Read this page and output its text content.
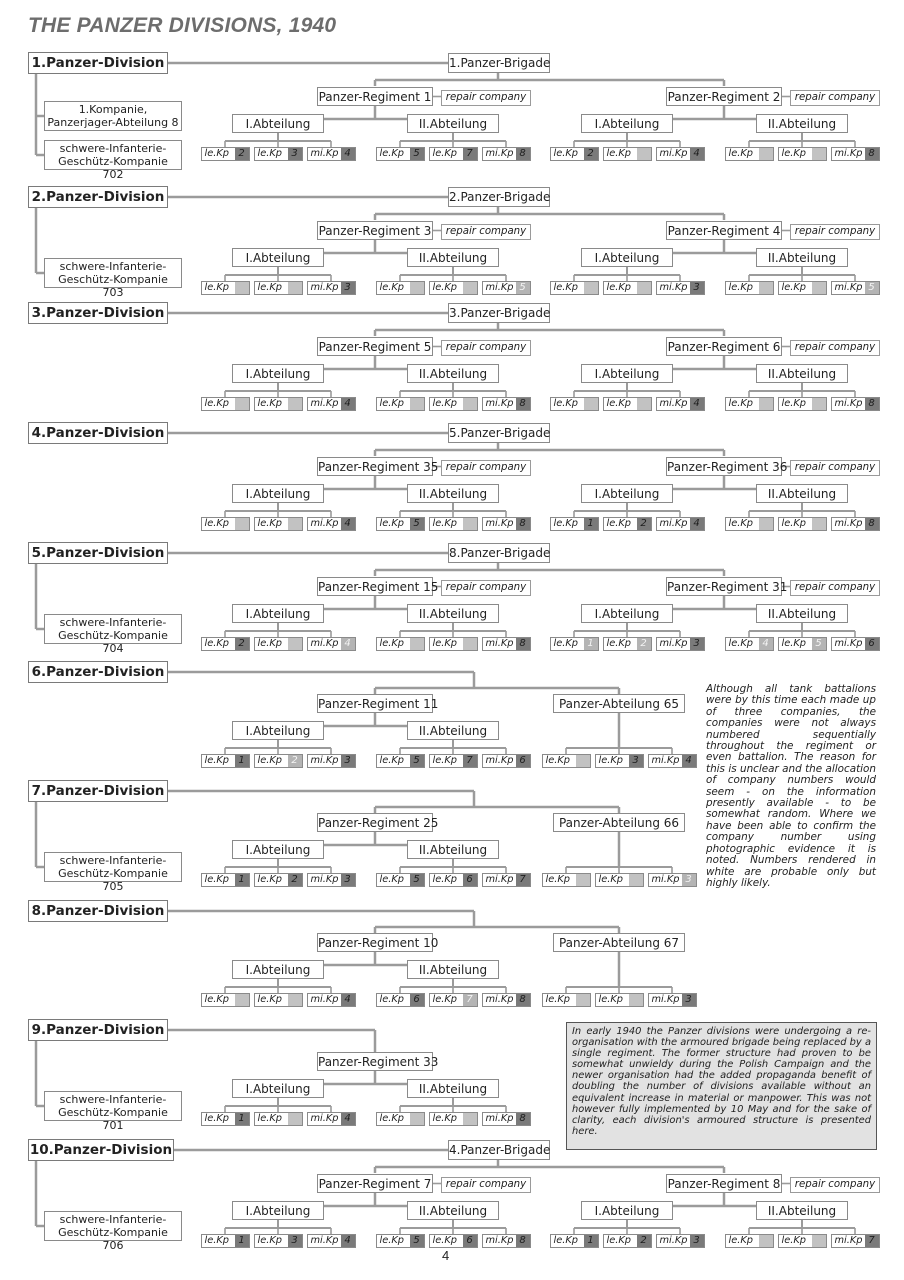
THE PANZER DIVISIONS, 1940
1.Panzer-Division
1.Kompanie,
Panzerjager-Abteilung 8
schwere-Infanterie-
Geschütz-Kompanie 702
1.Panzer-Brigade
Panzer-Regiment 1	repair company
I.Abteilung
le.Kp 2	le.Kp 3	mi.Kp 4
II.Abteilung
le.Kp 5	le.Kp 7	mi.Kp 8
Panzer-Regiment 2	repair company
I.Abteilung
le.Kp 2	le.Kp	mi.Kp 4
II.Abteilung
le.Kp	le.Kp	mi.Kp 8
2.Panzer-Division
schwere-Infanterie-
Geschütz-Kompanie 703
2.Panzer-Brigade
Panzer-Regiment 3	repair company
I.Abteilung
le.Kp	le.Kp	mi.Kp 3
II.Abteilung
le.Kp	le.Kp	mi.Kp 5
Panzer-Regiment 4	repair company
I.Abteilung
le.Kp	le.Kp	mi.Kp 3
II.Abteilung
le.Kp	le.Kp	mi.Kp 5
3.Panzer-Division	3.Panzer-Brigade
Panzer-Regiment 5	repair company
I.Abteilung
le.Kp	le.Kp	mi.Kp 4
II.Abteilung
le.Kp	le.Kp	mi.Kp 8
Panzer-Regiment 6	repair company
I.Abteilung
le.Kp	le.Kp	mi.Kp 4
II.Abteilung
le.Kp	le.Kp	mi.Kp 8
4.Panzer-Division	5.Panzer-Brigade
Panzer-Regiment 35 repair company
I.Abteilung
le.Kp	le.Kp	mi.Kp 4
II.Abteilung
le.Kp 5	le.Kp	mi.Kp 8
Panzer-Regiment 36 repair company
I.Abteilung
le.Kp 1	le.Kp 2	mi.Kp 4
II.Abteilung
le.Kp	le.Kp	mi.Kp 8
5.Panzer-Division
schwere-Infanterie-
Geschütz-Kompanie 704
8.Panzer-Brigade
Panzer-Regiment 15 repair company
I.Abteilung
le.Kp 2	le.Kp	mi.Kp 4
II.Abteilung
le.Kp	le.Kp	mi.Kp 8
Panzer-Regiment 31 repair company
I.Abteilung
le.Kp 1	le.Kp 2	mi.Kp 3
II.Abteilung
le.Kp 4	le.Kp 5	mi.Kp 6
6.Panzer-Division
Panzer-Regiment 11
I.Abteilung
le.Kp 1	le.Kp 2	mi.Kp 3
II.Abteilung
le.Kp 5	le.Kp 7	mi.Kp 6
Panzer-Abteilung 65
le.Kp	le.Kp 3	mi.Kp 4
7.Panzer-Division
schwere-Infanterie-
Geschütz-Kompanie 705
Panzer-Regiment 25
I.Abteilung
le.Kp 1	le.Kp 2	mi.Kp 3
II.Abteilung
le.Kp 5	le.Kp 6	mi.Kp 7
Panzer-Abteilung 66
le.Kp	le.Kp	mi.Kp 3
8.Panzer-Division
Panzer-Regiment 10
I.Abteilung
le.Kp	le.Kp	mi.Kp 4
II.Abteilung
le.Kp 6	le.Kp 7	mi.Kp 8
Panzer-Abteilung 67
le.Kp	le.Kp	mi.Kp 3
9.Panzer-Division
schwere-Infanterie-
Geschütz-Kompanie 701
Panzer-Regiment 33
I.Abteilung
le.Kp 1	le.Kp	mi.Kp 4
II.Abteilung
le.Kp	le.Kp	mi.Kp 8
10.Panzer-Division
schwere-Infanterie-
Geschütz-Kompanie 706
4.Panzer-Brigade
Panzer-Regiment 7	repair company
I.Abteilung
le.Kp 1	le.Kp 3	mi.Kp 4
II.Abteilung
le.Kp 5	le.Kp 6	mi.Kp 8
Panzer-Regiment 8	repair company
I.Abteilung
le.Kp 1	le.Kp 2	mi.Kp 3
II.Abteilung
le.Kp	le.Kp	mi.Kp 7
Although all tank battalions were by this time each made up of three companies, the companies were not always numbered sequentially throughout the regiment or even battalion. The reason for this is unclear and the allocation of company numbers would seem - on the information presently available - to be somewhat random. Where we have been able to confirm the company number using photographic evidence it is noted. Numbers rendered in white are probable only but highly likely.
In early 1940 the Panzer divisions were undergoing a re-organisation with the armoured brigade being replaced by a single regiment. The former structure had proven to be somewhat unwieldy during the Polish Campaign and the newer organisation had the added propaganda benefit of doubling the number of divisions available without an equivalent increase in material or manpower. This was not however fully implemented by 10 May and for the sake of clarity, each division's armoured structure is presented here.
4
